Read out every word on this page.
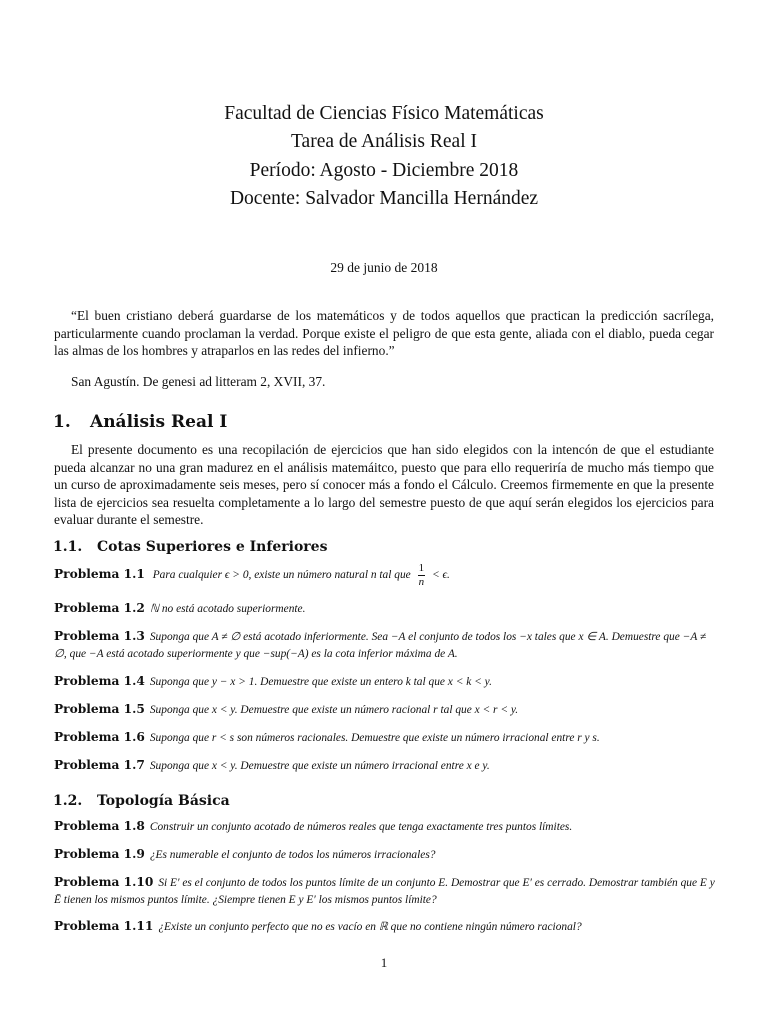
Facultad de Ciencias Físico Matemáticas
Tarea de Análisis Real I
Período: Agosto - Diciembre 2018
Docente: Salvador Mancilla Hernández
29 de junio de 2018
“El buen cristiano deberá guardarse de los matemáticos y de todos aquellos que practican la predicción sacrílega, particularmente cuando proclaman la verdad. Porque existe el peligro de que esta gente, aliada con el diablo, pueda cegar las almas de los hombres y atraparlos en las redes del infierno.”
San Agustín. De genesi ad litteram 2, XVII, 37.
1. Análisis Real I
El presente documento es una recopilación de ejercicios que han sido elegidos con la intencón de que el estudiante pueda alcanzar no una gran madurez en el análisis matemáitco, puesto que para ello requeriría de mucho más tiempo que un curso de aproximadamente seis meses, pero sí conocer más a fondo el Cálculo. Creemos firmemente en que la presente lista de ejercicios sea resuelta completamente a lo largo del semestre puesto de que aquí serán elegidos los ejercicios para evaluar durante el semestre.
1.1. Cotas Superiores e Inferiores
Problema 1.1 Para cualquier ϵ > 0, existe un número natural n tal que $\frac{1}{n} < \epsilon$.
Problema 1.2 ℕ no está acotado superiormente.
Problema 1.3 Suponga que A ≠ ∅ está acotado inferiormente. Sea −A el conjunto de todos los −x tales que x ∈ A. Demuestre que −A ≠ ∅, que −A está acotado superiormente y que −sup(−A) es la cota inferior máxima de A.
Problema 1.4 Suponga que y − x > 1. Demuestre que existe un entero k tal que x < k < y.
Problema 1.5 Suponga que x < y. Demuestre que existe un número racional r tal que x < r < y.
Problema 1.6 Suponga que r < s son números racionales. Demuestre que existe un número irracional entre r y s.
Problema 1.7 Suponga que x < y. Demuestre que existe un número irracional entre x e y.
1.2. Topología Básica
Problema 1.8 Construir un conjunto acotado de números reales que tenga exactamente tres puntos límites.
Problema 1.9 ¿Es numerable el conjunto de todos los números irracionales?
Problema 1.10 Si E′ es el conjunto de todos los puntos límite de un conjunto E. Demostrar que E′ es cerrado. Demostrar también que E y Ē tienen los mismos puntos límite. ¿Siempre tienen E y E′ los mismos puntos límite?
Problema 1.11 ¿Existe un conjunto perfecto que no es vacío en ℝ que no contiene ningún número racional?
1
